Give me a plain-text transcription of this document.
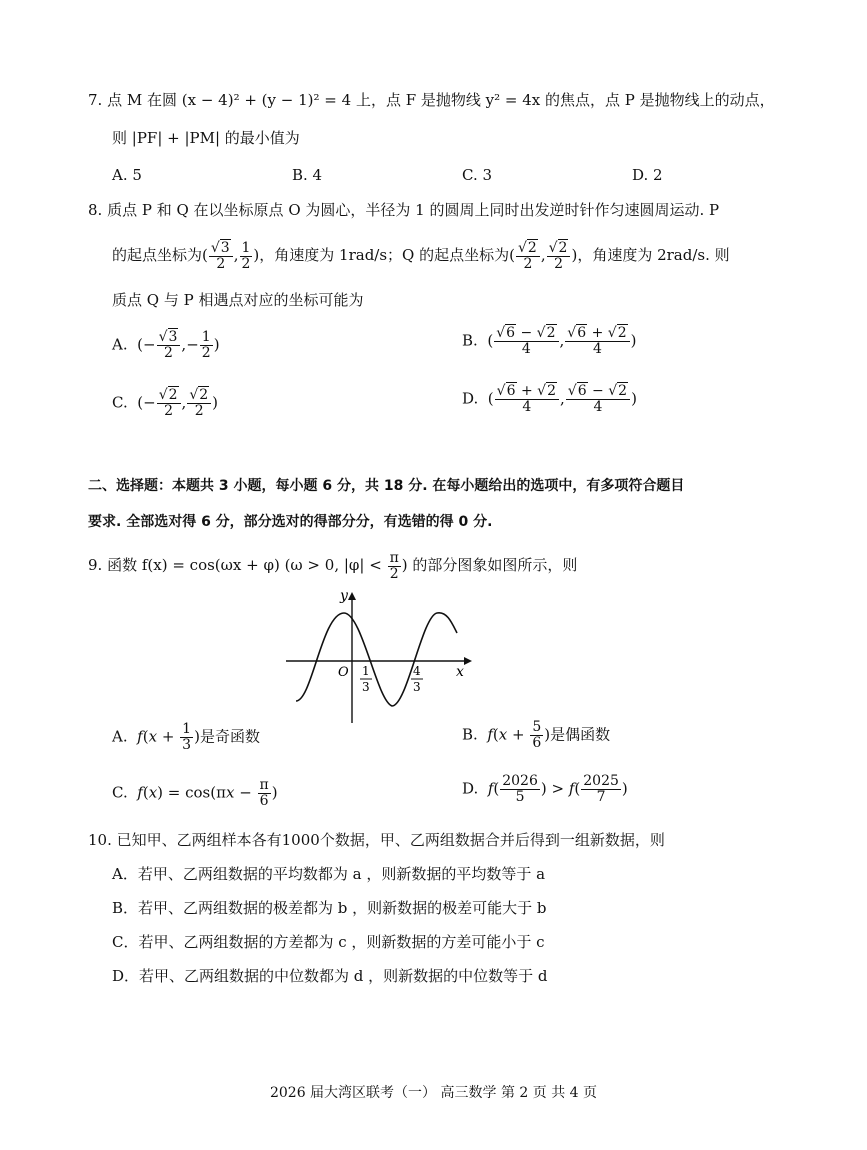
7. 点 M 在圆 (x − 4)² + (y − 1)² = 4 上，点 F 是抛物线 y² = 4x 的焦点，点 P 是抛物线上的动点，
则 |PF| + |PM| 的最小值为
A. 5	B. 4	C. 3	D. 2
8. 质点 P 和 Q 在以坐标原点 O 为圆心，半径为 1 的圆周上同时出发逆时针作匀速圆周运动. P
的起点坐标为( $\frac{√3}{2}$ , $\frac{1}{2}$ )，角速度为 1rad/s；Q 的起点坐标为( $\frac{√2}{2}$ , $\frac{√2}{2}$ )，角速度为 2rad/s. 则
质点 Q 与 P 相遇点对应的坐标可能为
A.  (− $\frac{√3}{2}$ ,− $\frac{1}{2}$ )	B.  ( $\frac{√6 - √2}{4}$ , $\frac{√6 + √2}{4}$ )
C.  (− $\frac{√2}{2}$ , $\frac{√2}{2}$ )	D.  ( $\frac{√6 + √2}{4}$ , $\frac{√6 - √2}{4}$ )
二、选择题：本题共 3 小题，每小题 6 分，共 18 分. 在每小题给出的选项中，有多项符合题目
要求. 全部选对得 6 分，部分选对的得部分分，有选错的得 0 分.
9. 函数 f(x) = cos(ωx + φ) (ω > 0, $|\varphi| < \frac{\pi}{2}$ ) 的部分图象如图所示，则
y
x
O 1
3
4
3
A. $f(x + \frac{1}{3}$ )是奇函数	B. $f(x + \frac{5}{6}$ )是偶函数
C. $f(x) = \cos(\pi x - \frac{\pi}{6}$ )	D. $f( \frac{2026}{5}$ ) > $f( \frac{2025}{7}$ )
10. 已知甲、乙两组样本各有1000个数据，甲、乙两组数据合并后得到一组新数据，则
A．若甲、乙两组数据的平均数都为 a ，则新数据的平均数等于 a
B．若甲、乙两组数据的极差都为 b ，则新数据的极差可能大于 b
C．若甲、乙两组数据的方差都为 c ，则新数据的方差可能小于 c
D．若甲、乙两组数据的中位数都为 d ，则新数据的中位数等于 d
2026 届大湾区联考（一） 高三数学 第 2 页 共 4 页
